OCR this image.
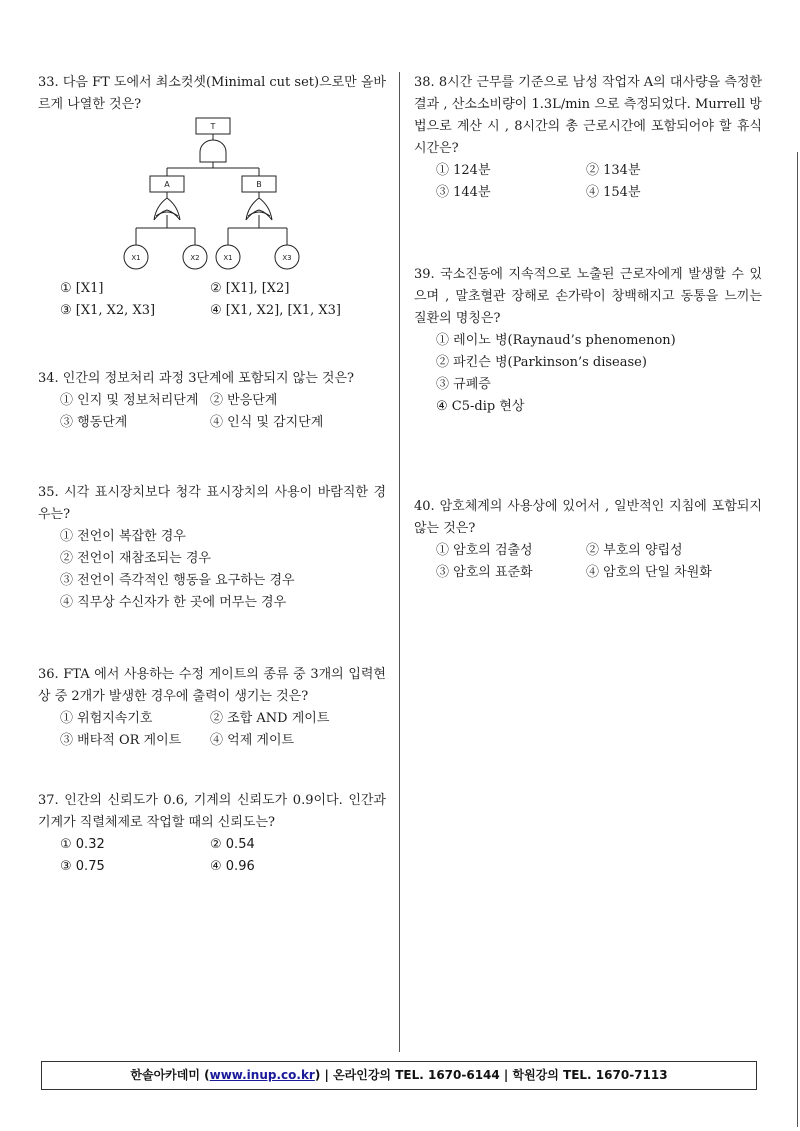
33. 다음 FT 도에서 최소컷셋(Minimal cut set)으로만 올바르게 나열한 것은?

T
A	B
X1	X2	X1	X3
① [X1]	② [X1], [X2]
③ [X1, X2, X3]	④ [X1, X2], [X1, X3]

34. 인간의 정보처리 과정 3단계에 포함되지 않는 것은?

① 인지 및 정보처리단계 ② 반응단계
③ 행동단계	④ 인식 및 감지단계

35. 시각 표시장치보다 청각 표시장치의 사용이 바람직한 경우는?

① 전언이 복잡한 경우
② 전언이 재참조되는 경우
③ 전언이 즉각적인 행동을 요구하는 경우
④ 직무상 수신자가 한 곳에 머무는 경우

36. FTA 에서 사용하는 수정 게이트의 종류 중 3개의 입력현상 중 2개가 발생한 경우에 출력이 생기는 것은?

① 위험지속기호	② 조합 AND 게이트
③ 배타적 OR 게이트	④ 억제 게이트

37. 인간의 신뢰도가 0.6, 기계의 신뢰도가 0.9이다. 인간과 기계가 직렬체제로 작업할 때의 신뢰도는?

① 0.32	② 0.54
③ 0.75	④ 0.96

38. 8시간 근무를 기준으로 남성 작업자 A의 대사량을 측정한 결과 , 산소소비량이 1.3L/min 으로 측정되었다. Murrell 방법으로 계산 시 , 8시간의 총 근로시간에 포함되어야 할 휴식시간은?

① 124분	② 134분
③ 144분	④ 154분

39. 국소진동에 지속적으로 노출된 근로자에게 발생할 수 있으며 , 말초혈관 장해로 손가락이 창백해지고 동통을 느끼는 질환의 명칭은?

① 레이노 병(Raynaud’s phenomenon)
② 파킨슨 병(Parkinson’s disease)
③ 규폐증
④ C5-dip 현상

40. 암호체계의 사용상에 있어서 , 일반적인 지침에 포함되지 않는 것은?

① 암호의 검출성	② 부호의 양립성
③ 암호의 표준화	④ 암호의 단일 차원화
한솔아카데미 (www.inup.co.kr) | 온라인강의 TEL. 1670-6144 | 학원강의 TEL. 1670-7113
